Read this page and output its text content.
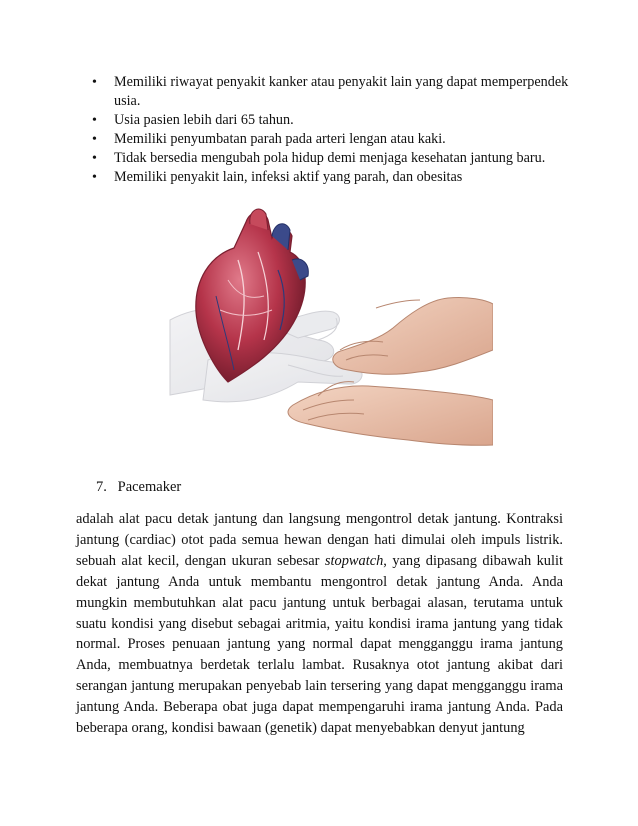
• Memiliki riwayat penyakit kanker atau penyakit lain yang dapat memperpendek usia.
• Usia pasien lebih dari 65 tahun.
• Memiliki penyumbatan parah pada arteri lengan atau kaki.
• Tidak bersedia mengubah pola hidup demi menjaga kesehatan jantung baru.
• Memiliki penyakit lain, infeksi aktif yang parah, dan obesitas
7. Pacemaker

adalah alat pacu detak jantung dan langsung mengontrol detak jantung. Kontraksi jantung (cardiac) otot pada semua hewan dengan hati dimulai oleh impuls listrik. sebuah alat kecil, dengan ukuran sebesar stopwatch, yang dipasang dibawah kulit dekat jantung Anda untuk membantu mengontrol detak jantung Anda. Anda mungkin membutuhkan alat pacu jantung untuk berbagai alasan, terutama untuk suatu kondisi yang disebut sebagai aritmia, yaitu kondisi irama jantung yang tidak normal. Proses penuaan jantung yang normal dapat mengganggu irama jantung Anda, membuatnya berdetak terlalu lambat. Rusaknya otot jantung akibat dari serangan jantung merupakan penyebab lain tersering yang dapat mengganggu irama jantung Anda. Beberapa obat juga dapat mempengaruhi irama jantung Anda. Pada beberapa orang, kondisi bawaan (genetik) dapat menyebabkan denyut jantung
